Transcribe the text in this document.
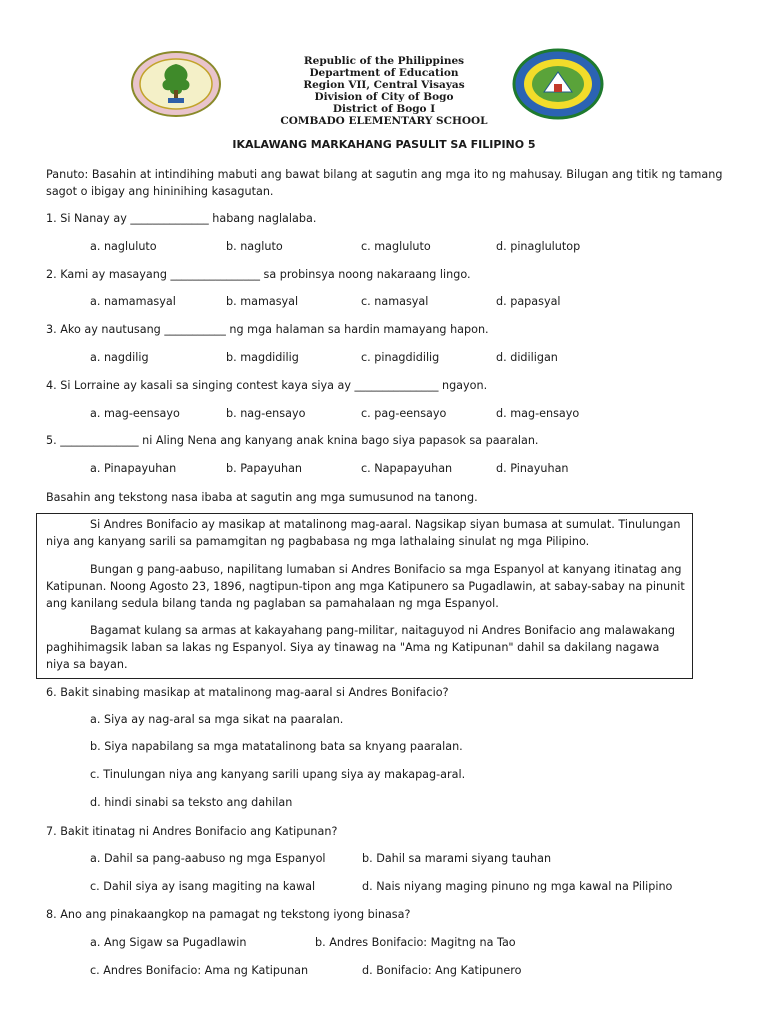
Republic of the Philippines
Department of Education
Region VII, Central Visayas
Division of City of Bogo
District of Bogo I
COMBADO ELEMENTARY SCHOOL
IKALAWANG MARKAHANG PASULIT SA FILIPINO 5
Panuto: Basahin at intindihing mabuti ang bawat bilang at sagutin ang mga ito ng mahusay. Bilugan ang titik ng tamang sagot o ibigay ang hininihing kasagutan.
1. Si Nanay ay ______________ habang naglalaba.
a. nagluluto	b. nagluto	c. magluluto	d. pinaglulutop
2. Kami ay masayang ________________ sa probinsya noong nakaraang lingo.
a. namamasyal	b. mamasyal	c. namasyal	d. papasyal
3. Ako ay nautusang ___________ ng mga halaman sa hardin mamayang hapon.
a. nagdilig	b. magdidilig	c. pinagdidilig	d. didiligan
4. Si Lorraine ay kasali sa singing contest kaya siya ay _______________ ngayon.
a. mag-eensayo	b. nag-ensayo	c. pag-eensayo	d. mag-ensayo
5. ______________ ni Aling Nena ang kanyang anak knina bago siya papasok sa paaralan.
a. Pinapayuhan	b. Papayuhan	c. Napapayuhan	d. Pinayuhan
Basahin ang tekstong nasa ibaba at sagutin ang mga sumusunod na tanong.
Si Andres Bonifacio ay masikap at matalinong mag-aaral. Nagsikap siyan bumasa at sumulat. Tinulungan niya ang kanyang sarili sa pamamgitan ng pagbabasa ng mga lathalaing sinulat ng mga Pilipino.
Bungan g pang-aabuso, napilitang lumaban si Andres Bonifacio sa mga Espanyol at kanyang itinatag ang Katipunan. Noong Agosto 23, 1896, nagtipun-tipon ang mga Katipunero sa Pugadlawin, at sabay-sabay na pinunit ang kanilang sedula bilang tanda ng paglaban sa pamahalaan ng mga Espanyol.
Bagamat kulang sa armas at kakayahang pang-militar, naitaguyod ni Andres Bonifacio ang malawakang paghihimagsik laban sa lakas ng Espanyol. Siya ay tinawag na "Ama ng Katipunan" dahil sa dakilang nagawa niya sa bayan.
6. Bakit sinabing masikap at matalinong mag-aaral si Andres Bonifacio?
a. Siya ay nag-aral sa mga sikat na paaralan.
b. Siya napabilang sa mga matatalinong bata sa knyang paaralan.
c. Tinulungan niya ang kanyang sarili upang siya ay makapag-aral.
d. hindi sinabi sa teksto ang dahilan
7. Bakit itinatag ni Andres Bonifacio ang Katipunan?
a. Dahil sa pang-aabuso ng mga Espanyol	b. Dahil sa marami siyang tauhan
c. Dahil siya ay isang magiting na kawal	d. Nais niyang maging pinuno ng mga kawal na Pilipino
8. Ano ang pinakaangkop na pamagat ng tekstong iyong binasa?
a. Ang Sigaw sa Pugadlawin	b. Andres Bonifacio: Magitng na Tao
c. Andres Bonifacio: Ama ng Katipunan	d. Bonifacio: Ang Katipunero
